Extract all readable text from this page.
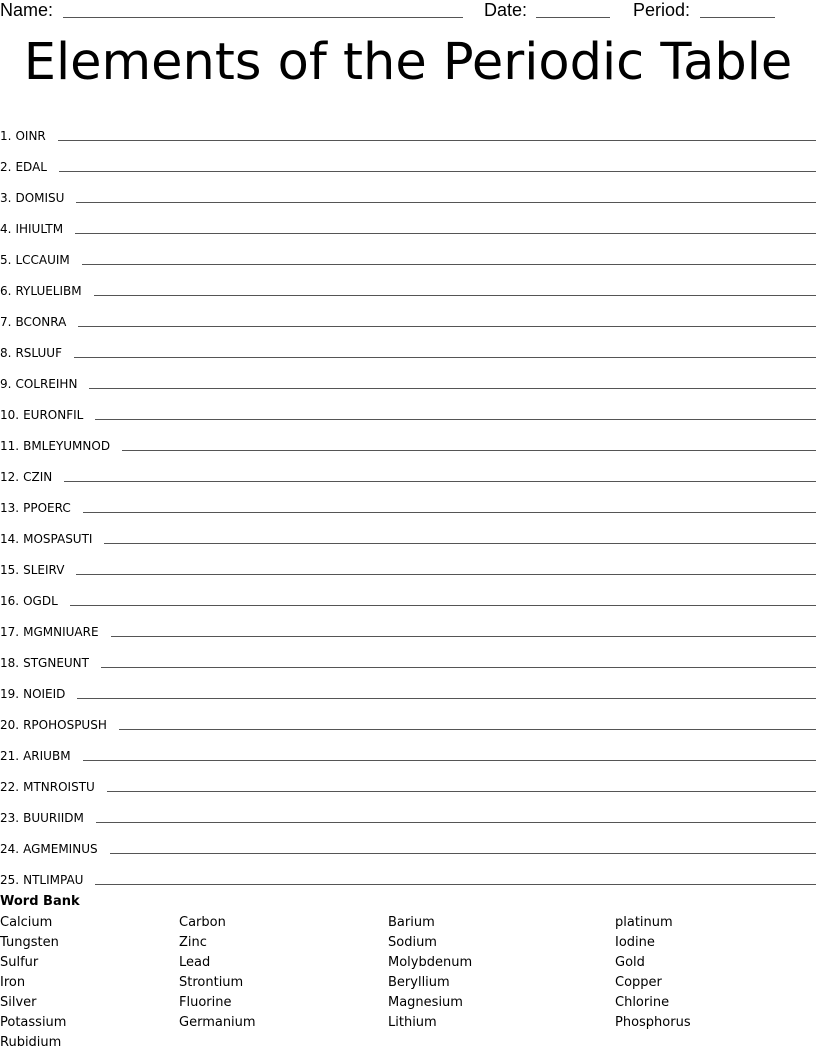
Name:	Date:	Period:
Elements of the Periodic Table
1. OINR
2. EDAL
3. DOMISU
4. IHIULTM
5. LCCAUIM
6. RYLUELIBM
7. BCONRA
8. RSLUUF
9. COLREIHN
10. EURONFIL
11. BMLEYUMNOD
12. CZIN
13. PPOERC
14. MOSPASUTI
15. SLEIRV
16. OGDL
17. MGMNIUARE
18. STGNEUNT
19. NOIEID
20. RPOHOSPUSH
21. ARIUBM
22. MTNROISTU
23. BUURIIDM
24. AGMEMINUS
25. NTLIMPAU
Word Bank
Calcium
Tungsten
Sulfur
Iron
Silver
Potassium
Rubidium
Carbon
Zinc
Lead
Strontium
Fluorine
Germanium
Barium
Sodium
Molybdenum
Beryllium
Magnesium
Lithium
platinum
Iodine
Gold
Copper
Chlorine
Phosphorus
